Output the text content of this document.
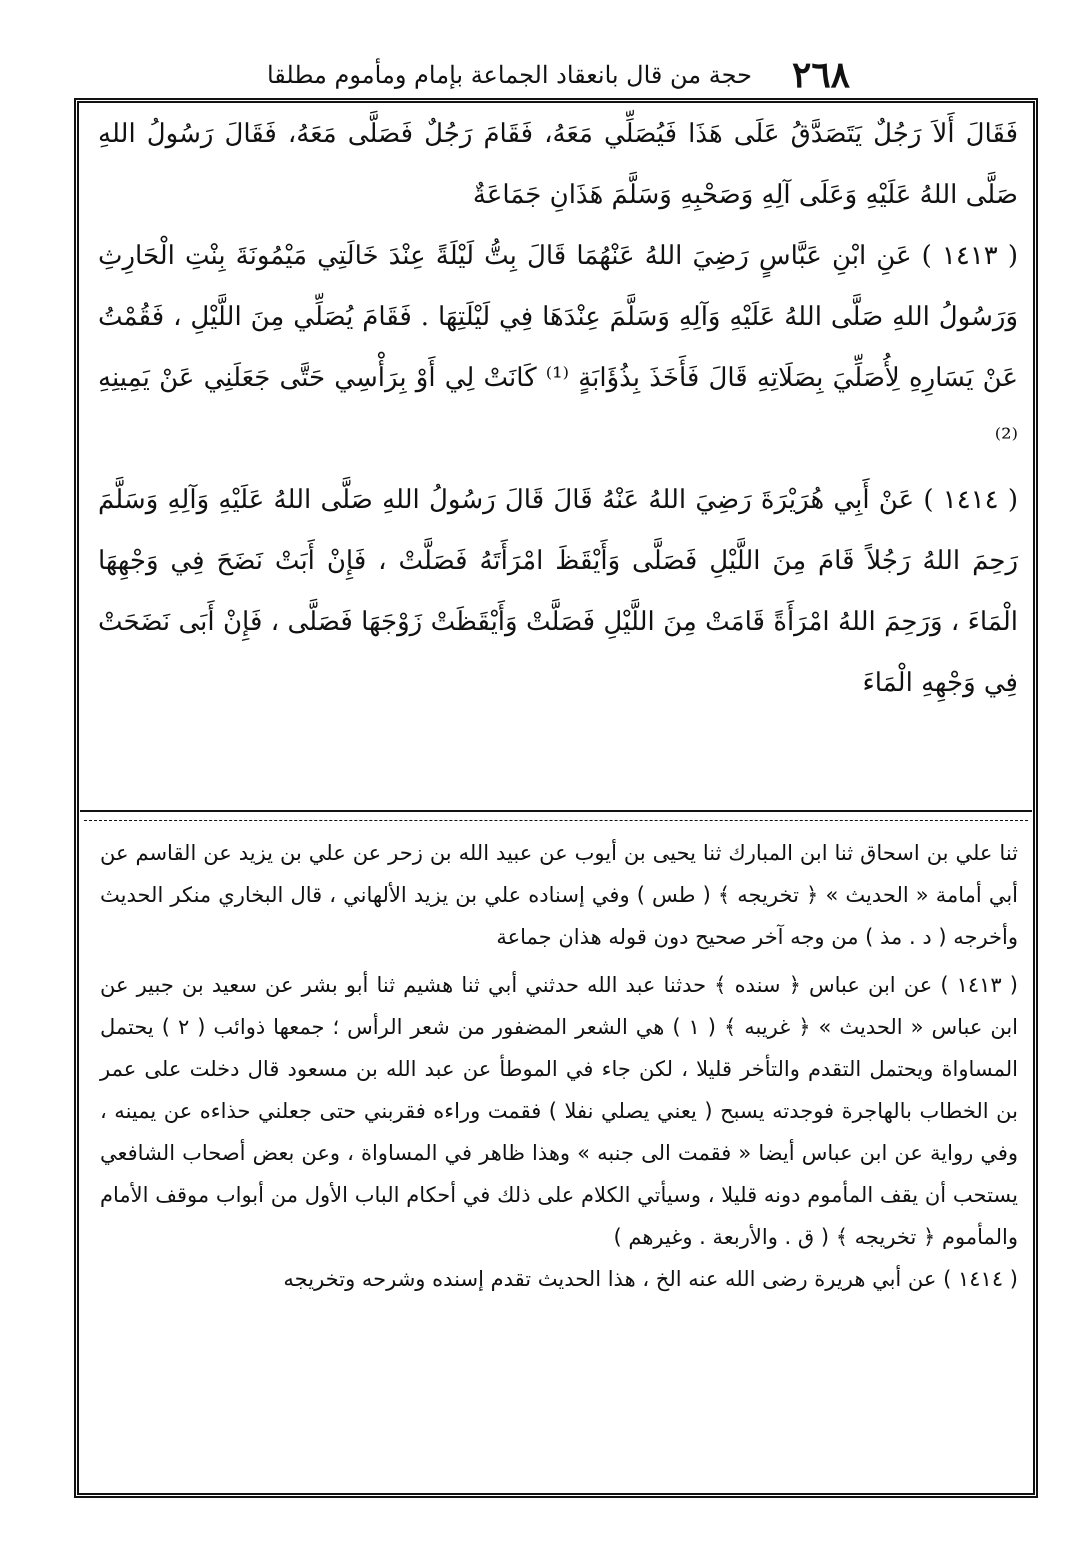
٢٦٨
حجة من قال بانعقاد الجماعة بإمام ومأموم مطلقا

فَقَالَ أَلاَ رَجُلٌ يَتَصَدَّقُ عَلَى هَذَا فَيُصَلِّي مَعَهُ، فَقَامَ رَجُلٌ فَصَلَّى مَعَهُ، فَقَالَ رَسُولُ اللهِ صَلَّى اللهُ عَلَيْهِ وَعَلَى آلِهِ وَصَحْبِهِ وَسَلَّمَ هَذَانِ جَمَاعَةٌ

( ١٤١٣ ) عَنِ ابْنِ عَبَّاسٍ رَضِيَ اللهُ عَنْهُمَا قَالَ بِتُّ لَيْلَةً عِنْدَ خَالَتِي مَيْمُونَةَ بِنْتِ الْحَارِثِ وَرَسُولُ اللهِ صَلَّى اللهُ عَلَيْهِ وَآلِهِ وَسَلَّمَ عِنْدَهَا فِي لَيْلَتِهَا . فَقَامَ يُصَلِّي مِنَ اللَّيْلِ ، فَقُمْتُ عَنْ يَسَارِهِ لِأُصَلِّيَ بِصَلَاتِهِ قَالَ فَأَخَذَ بِذُؤَابَةٍ ⁽¹⁾ كَانَتْ لِي أَوْ بِرَأْسِي حَتَّى جَعَلَنِي عَنْ يَمِينِهِ ⁽²⁾

( ١٤١٤ ) عَنْ أَبِي هُرَيْرَةَ رَضِيَ اللهُ عَنْهُ قَالَ قَالَ رَسُولُ اللهِ صَلَّى اللهُ عَلَيْهِ وَآلِهِ وَسَلَّمَ رَحِمَ اللهُ رَجُلاً قَامَ مِنَ اللَّيْلِ فَصَلَّى وَأَيْقَظَ امْرَأَتَهُ فَصَلَّتْ ، فَإِنْ أَبَتْ نَضَحَ فِي وَجْهِهَا الْمَاءَ ، وَرَحِمَ اللهُ امْرَأَةً قَامَتْ مِنَ اللَّيْلِ فَصَلَّتْ وَأَيْقَظَتْ زَوْجَهَا فَصَلَّى ، فَإِنْ أَبَى نَضَحَتْ فِي وَجْهِهِ الْمَاءَ

ثنا علي بن اسحاق ثنا ابن المبارك ثنا يحيى بن أيوب عن عبيد الله بن زحر عن علي بن يزيد عن القاسم عن أبي أمامة « الحديث » ﴿ تخريجه ﴾ ( طس ) وفي إسناده علي بن يزيد الألهاني ، قال البخاري منكر الحديث وأخرجه ( د . مذ ) من وجه آخر صحيح دون قوله هذان جماعة

( ١٤١٣ ) عن ابن عباس ﴿ سنده ﴾ حدثنا عبد الله حدثني أبي ثنا هشيم ثنا أبو بشر عن سعيد بن جبير عن ابن عباس « الحديث » ﴿ غريبه ﴾ ( ١ ) هي الشعر المضفور من شعر الرأس ؛ جمعها ذوائب ( ٢ ) يحتمل المساواة ويحتمل التقدم والتأخر قليلا ، لكن جاء في الموطأ عن عبد الله بن مسعود قال دخلت على عمر بن الخطاب بالهاجرة فوجدته يسبح ( يعني يصلي نفلا ) فقمت وراءه فقربني حتى جعلني حذاءه عن يمينه ، وفي رواية عن ابن عباس أيضا « فقمت الى جنبه » وهذا ظاهر في المساواة ، وعن بعض أصحاب الشافعي يستحب أن يقف المأموم دونه قليلا ، وسيأتي الكلام على ذلك في أحكام الباب الأول من أبواب موقف الأمام والمأموم ﴿ تخريجه ﴾ ( ق . والأربعة . وغيرهم )

( ١٤١٤ ) عن أبي هريرة رضى الله عنه الخ ، هذا الحديث تقدم إسنده وشرحه وتخريجه
